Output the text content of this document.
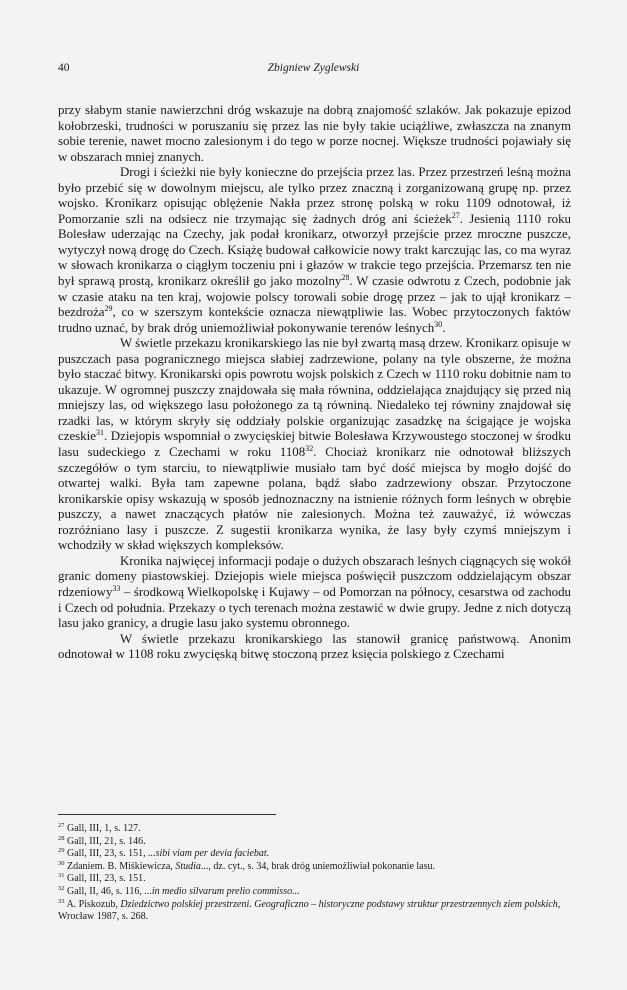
40	Zbigniew Zyglewski

przy słabym stanie nawierzchni dróg wskazuje na dobrą znajomość szlaków. Jak pokazuje epizod kołobrzeski, trudności w poruszaniu się przez las nie były takie uciążliwe, zwłaszcza na znanym sobie terenie, nawet mocno zalesionym i do tego w porze nocnej. Większe trudności pojawiały się w obszarach mniej znanych.

Drogi i ścieżki nie były konieczne do przejścia przez las. Przez przestrzeń leśną można było przebić się w dowolnym miejscu, ale tylko przez znaczną i zorganizowaną grupę np. przez wojsko. Kronikarz opisując oblężenie Nakła przez stronę polską w roku 1109 odnotował, iż Pomorzanie szli na odsiecz nie trzymając się żadnych dróg ani ścieżek$^{27}$. Jesienią 1110 roku Bolesław uderzając na Czechy, jak podał kronikarz, otworzył przejście przez mroczne puszcze, wytyczył nową drogę do Czech. Książę budował całkowicie nowy trakt karczując las, co ma wyraz w słowach kronikarza o ciągłym toczeniu pni i głazów w trakcie tego przejścia. Przemarsz ten nie był sprawą prostą, kronikarz określił go jako mozolny$^{28}$. W czasie odwrotu z Czech, podobnie jak w czasie ataku na ten kraj, wojowie polscy torowali sobie drogę przez – jak to ujął kronikarz – bezdroża$^{29}$, co w szerszym kontekście oznacza niewątpliwie las. Wobec przytoczonych faktów trudno uznać, by brak dróg uniemożliwiał pokonywanie terenów leśnych$^{30}$.

W świetle przekazu kronikarskiego las nie był zwartą masą drzew. Kronikarz opisuje w puszczach pasa pogranicznego miejsca słabiej zadrzewione, polany na tyle obszerne, że można było staczać bitwy. Kronikarski opis powrotu wojsk polskich z Czech w 1110 roku dobitnie nam to ukazuje. W ogromnej puszczy znajdowała się mała równina, oddzielająca znajdujący się przed nią mniejszy las, od większego lasu położonego za tą równiną. Niedaleko tej równiny znajdował się rzadki las, w którym skryły się oddziały polskie organizując zasadzkę na ścigające je wojska czeskie$^{31}$. Dziejopis wspomniał o zwycięskiej bitwie Bolesława Krzywoustego stoczonej w środku lasu sudeckiego z Czechami w roku 1108$^{32}$. Chociaż kronikarz nie odnotował bliższych szczegółów o tym starciu, to niewątpliwie musiało tam być dość miejsca by mogło dojść do otwartej walki. Była tam zapewne polana, bądź słabo zadrzewiony obszar. Przytoczone kronikarskie opisy wskazują w sposób jednoznaczny na istnienie różnych form leśnych w obrębie puszczy, a nawet znaczących płatów nie zalesionych. Można też zauważyć, iż wówczas rozróżniano lasy i puszcze. Z sugestii kronikarza wynika, że lasy były czymś mniejszym i wchodziły w skład większych kompleksów.

Kronika najwięcej informacji podaje o dużych obszarach leśnych ciągnących się wokół granic domeny piastowskiej. Dziejopis wiele miejsca poświęcił puszczom oddzielającym obszar rdzeniowy$^{33}$ – środkową Wielkopolskę i Kujawy – od Pomorzan na północy, cesarstwa od zachodu i Czech od południa. Przekazy o tych terenach można zestawić w dwie grupy. Jedne z nich dotyczą lasu jako granicy, a drugie lasu jako systemu obronnego.

W świetle przekazu kronikarskiego las stanowił granicę państwową. Anonim odnotował w 1108 roku zwycięską bitwę stoczoną przez księcia polskiego z Czechami

$^{27}$ Gall, III, 1, s. 127.
$^{28}$ Gall, III, 21, s. 146.
$^{29}$ Gall, III, 23, s. 151, ...sibi viam per devia faciebat.
$^{30}$ Zdaniem. B. Miśkiewicza, Studia..., dz. cyt., s. 34, brak dróg uniemożliwiał pokonanie lasu.
$^{31}$ Gall, III, 23, s. 151.
$^{32}$ Gall, II, 46, s. 116, ...in medio silvarum prelio commisso...
$^{33}$ A. Piskozub, Dziedzictwo polskiej przestrzeni. Geograficzno – historyczne podstawy struktur przestrzennych ziem polskich, Wrocław 1987, s. 268.
